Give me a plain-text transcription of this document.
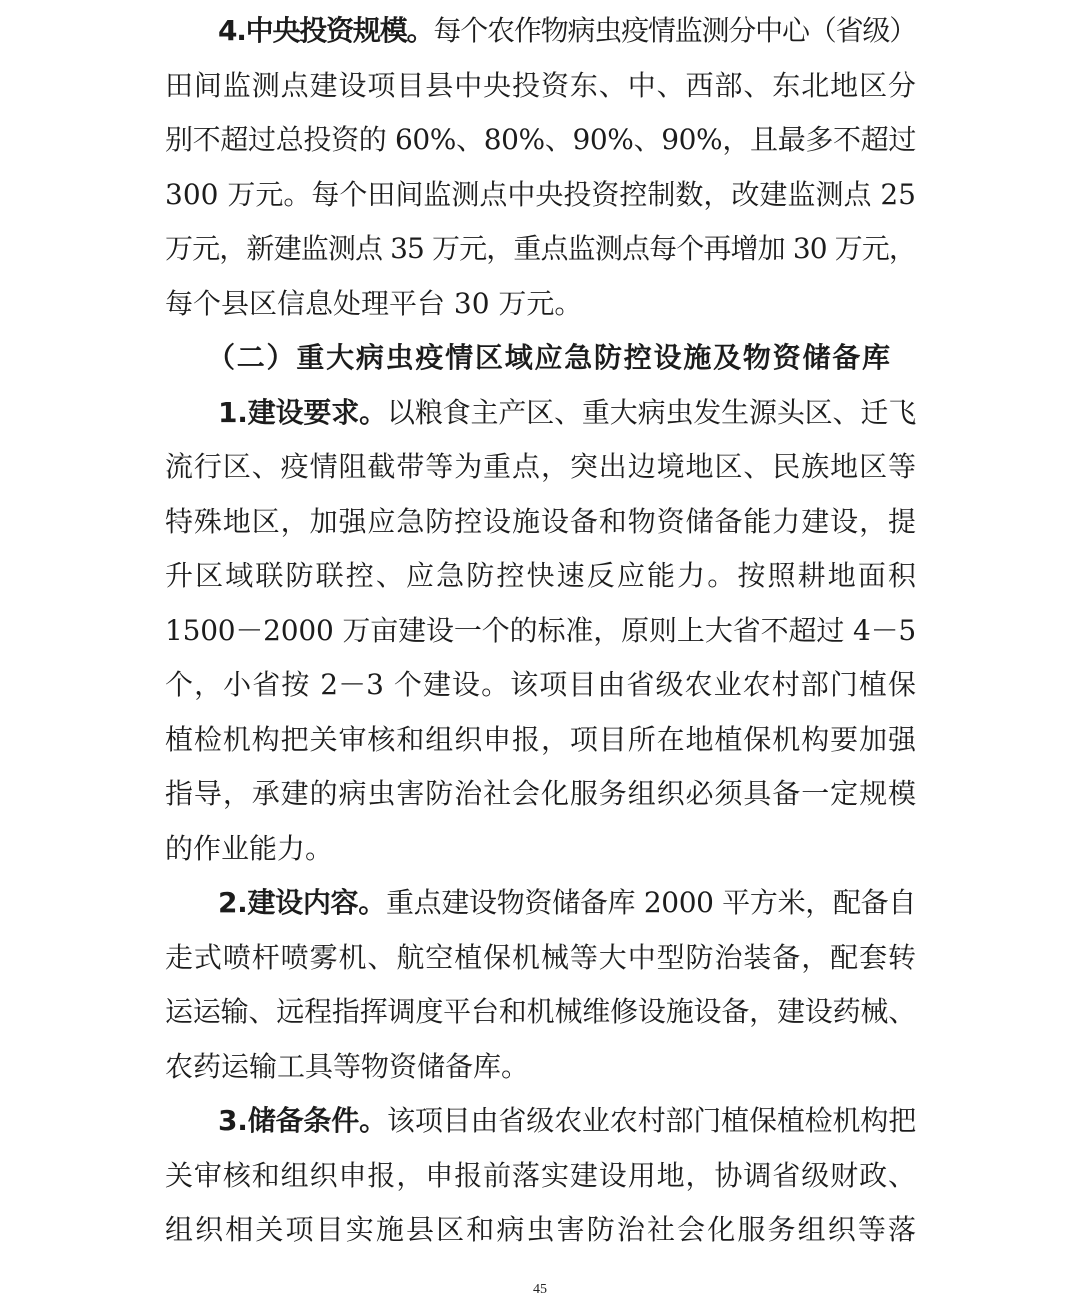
4.中央投资规模。每个农作物病虫疫情监测分中心（省级）
田间监测点建设项目县中央投资东、中、西部、东北地区分
别不超过总投资的 60%、80%、90%、90%，且最多不超过
300 万元。每个田间监测点中央投资控制数，改建监测点 25
万元，新建监测点 35 万元，重点监测点每个再增加 30 万元，
每个县区信息处理平台 30 万元。
（二）重大病虫疫情区域应急防控设施及物资储备库
1.建设要求。以粮食主产区、重大病虫发生源头区、迁飞
流行区、疫情阻截带等为重点，突出边境地区、民族地区等
特殊地区，加强应急防控设施设备和物资储备能力建设，提
升区域联防联控、应急防控快速反应能力。按照耕地面积
1500－2000 万亩建设一个的标准，原则上大省不超过 4－5
个，小省按 2－3 个建设。该项目由省级农业农村部门植保
植检机构把关审核和组织申报，项目所在地植保机构要加强
指导，承建的病虫害防治社会化服务组织必须具备一定规模
的作业能力。
2.建设内容。重点建设物资储备库 2000 平方米，配备自
走式喷杆喷雾机、航空植保机械等大中型防治装备，配套转
运运输、远程指挥调度平台和机械维修设施设备，建设药械、
农药运输工具等物资储备库。
3.储备条件。该项目由省级农业农村部门植保植检机构把
关审核和组织申报，申报前落实建设用地，协调省级财政、
组织相关项目实施县区和病虫害防治社会化服务组织等落
45
